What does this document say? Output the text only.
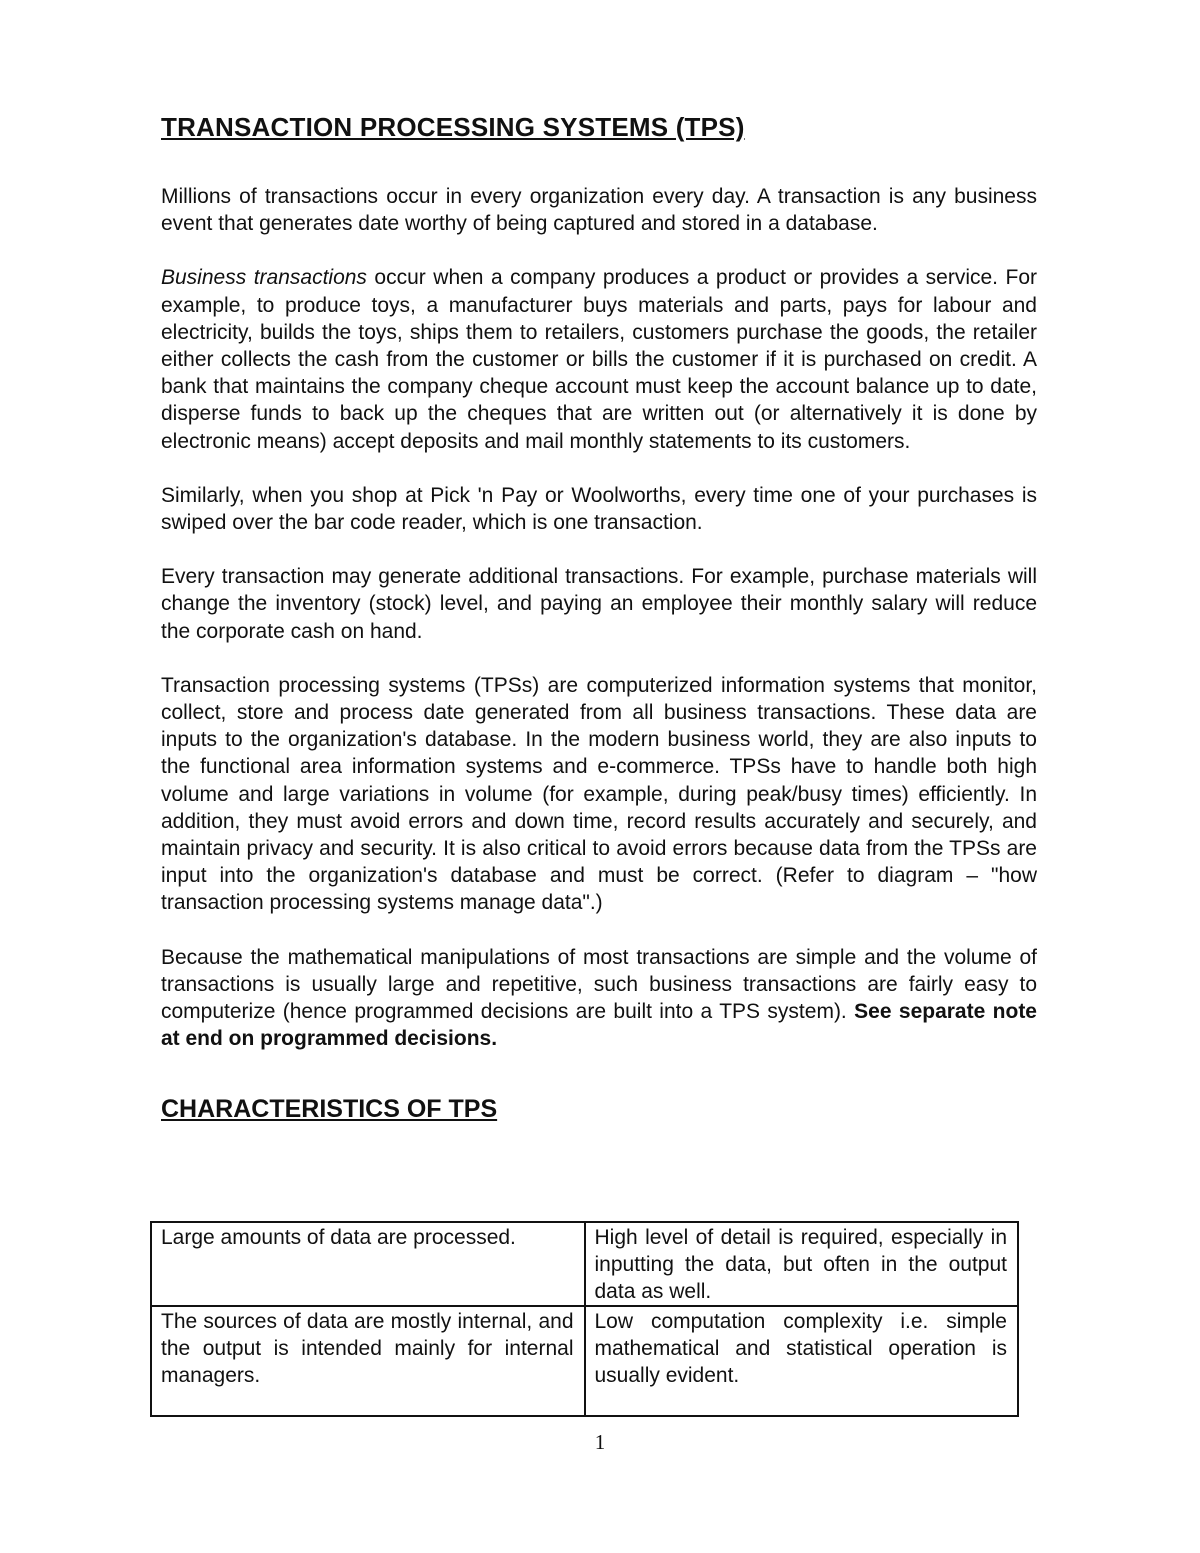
TRANSACTION PROCESSING SYSTEMS (TPS)

Millions of transactions occur in every organization every day. A transaction is any business event that generates date worthy of being captured and stored in a database.

Business transactions occur when a company produces a product or provides a service. For example, to produce toys, a manufacturer buys materials and parts, pays for labour and electricity, builds the toys, ships them to retailers, customers purchase the goods, the retailer either collects the cash from the customer or bills the customer if it is purchased on credit. A bank that maintains the company cheque account must keep the account balance up to date, disperse funds to back up the cheques that are written out (or alternatively it is done by electronic means) accept deposits and mail monthly statements to its customers.

Similarly, when you shop at Pick 'n Pay or Woolworths, every time one of your purchases is swiped over the bar code reader, which is one transaction.

Every transaction may generate additional transactions. For example, purchase materials will change the inventory (stock) level, and paying an employee their monthly salary will reduce the corporate cash on hand.

Transaction processing systems (TPSs) are computerized information systems that monitor, collect, store and process date generated from all business transactions. These data are inputs to the organization's database. In the modern business world, they are also inputs to the functional area information systems and e-commerce. TPSs have to handle both high volume and large variations in volume (for example, during peak/busy times) efficiently. In addition, they must avoid errors and down time, record results accurately and securely, and maintain privacy and security. It is also critical to avoid errors because data from the TPSs are input into the organization's database and must be correct. (Refer to diagram – "how transaction processing systems manage data".)

Because the mathematical manipulations of most transactions are simple and the volume of transactions is usually large and repetitive, such business transactions are fairly easy to computerize (hence programmed decisions are built into a TPS system). See separate note at end on programmed decisions.

CHARACTERISTICS OF TPS
Large amounts of data are processed.	High level of detail is required, especially in inputting the data, but often in the output data as well.
The sources of data are mostly internal, and the output is intended mainly for internal managers.	Low computation complexity i.e. simple mathematical and statistical operation is usually evident.
1
